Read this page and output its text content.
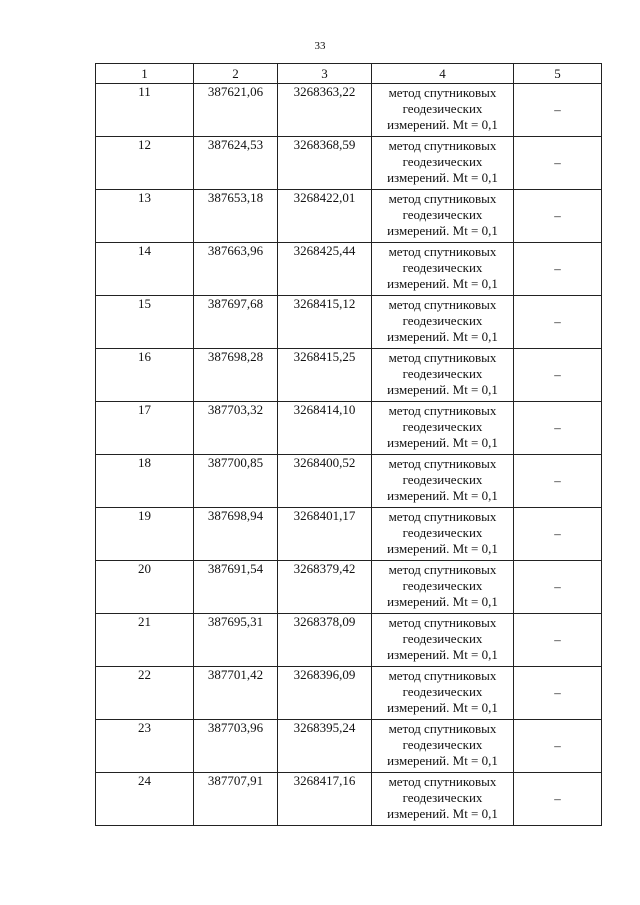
33
1	2	3	4	5
11	387621,06	3268363,22	метод спутниковых
геодезических
измерений. Mt = 0,1	–
12	387624,53	3268368,59	метод спутниковых
геодезических
измерений. Mt = 0,1	–
13	387653,18	3268422,01	метод спутниковых
геодезических
измерений. Mt = 0,1	–
14	387663,96	3268425,44	метод спутниковых
геодезических
измерений. Mt = 0,1	–
15	387697,68	3268415,12	метод спутниковых
геодезических
измерений. Mt = 0,1	–
16	387698,28	3268415,25	метод спутниковых
геодезических
измерений. Mt = 0,1	–
17	387703,32	3268414,10	метод спутниковых
геодезических
измерений. Mt = 0,1	–
18	387700,85	3268400,52	метод спутниковых
геодезических
измерений. Mt = 0,1	–
19	387698,94	3268401,17	метод спутниковых
геодезических
измерений. Mt = 0,1	–
20	387691,54	3268379,42	метод спутниковых
геодезических
измерений. Mt = 0,1	–
21	387695,31	3268378,09	метод спутниковых
геодезических
измерений. Mt = 0,1	–
22	387701,42	3268396,09	метод спутниковых
геодезических
измерений. Mt = 0,1	–
23	387703,96	3268395,24	метод спутниковых
геодезических
измерений. Mt = 0,1	–
24	387707,91	3268417,16	метод спутниковых
геодезических
измерений. Mt = 0,1	–
